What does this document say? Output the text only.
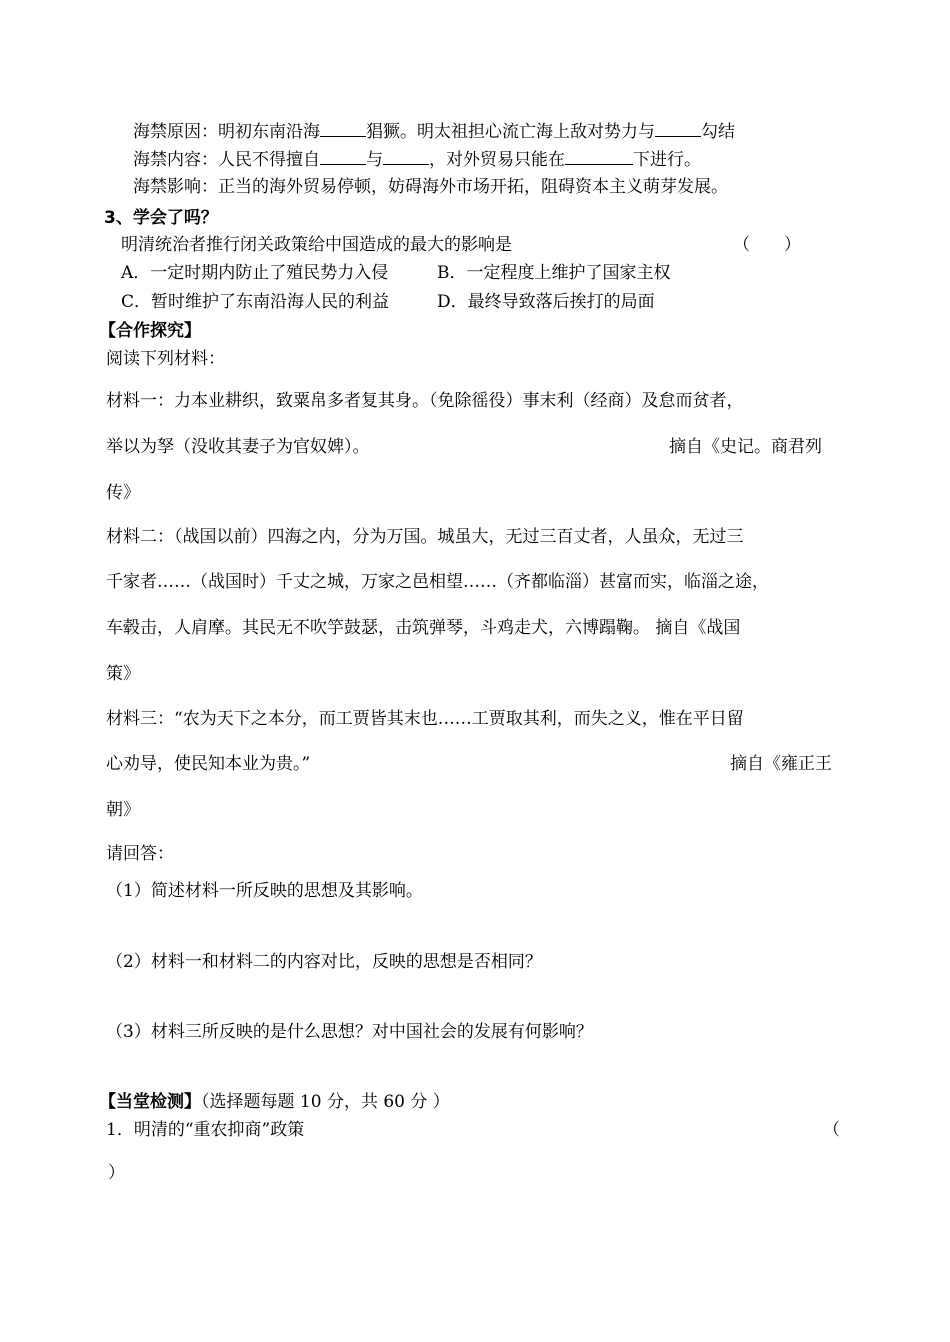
海禁原因：明初东南沿海	猖獗。明太祖担心流亡海上敌对势力与	勾结
海禁内容：人民不得擅自	与	，对外贸易只能在	下进行。
海禁影响：正当的海外贸易停顿，妨碍海外市场开拓，阻碍资本主义萌芽发展。
3、学会了吗？
明清统治者推行闭关政策给中国造成的最大的影响是	（　　）
A．一定时期内防止了殖民势力入侵	B．一定程度上维护了国家主权
C．暂时维护了东南沿海人民的利益	D．最终导致落后挨打的局面
【合作探究】
阅读下列材料：
材料一：力本业耕织，致粟帛多者复其身。（免除徭役）事末利（经商）及怠而贫者，
举以为孥（没收其妻子为官奴婢）。	摘自《史记。商君列
传》
材料二：（战国以前）四海之内，分为万国。城虽大，无过三百丈者，人虽众，无过三
千家者……（战国时）千丈之城，万家之邑相望……（齐都临淄）甚富而实，临淄之途，
车毂击，人肩摩。其民无不吹竽鼓瑟，击筑弹琴，斗鸡走犬，六博蹋鞠。 摘自《战国
策》
材料三：“农为天下之本分，而工贾皆其末也……工贾取其利，而失之义，惟在平日留
心劝导，使民知本业为贵。”	摘自《雍正王
朝》
请回答：
（1）简述材料一所反映的思想及其影响。
（2）材料一和材料二的内容对比，反映的思想是否相同？
（3）材料三所反映的是什么思想？对中国社会的发展有何影响？
【当堂检测】（选择题每题 10 分，共 60 分 ）
1．明清的“重农抑商”政策	（
）
